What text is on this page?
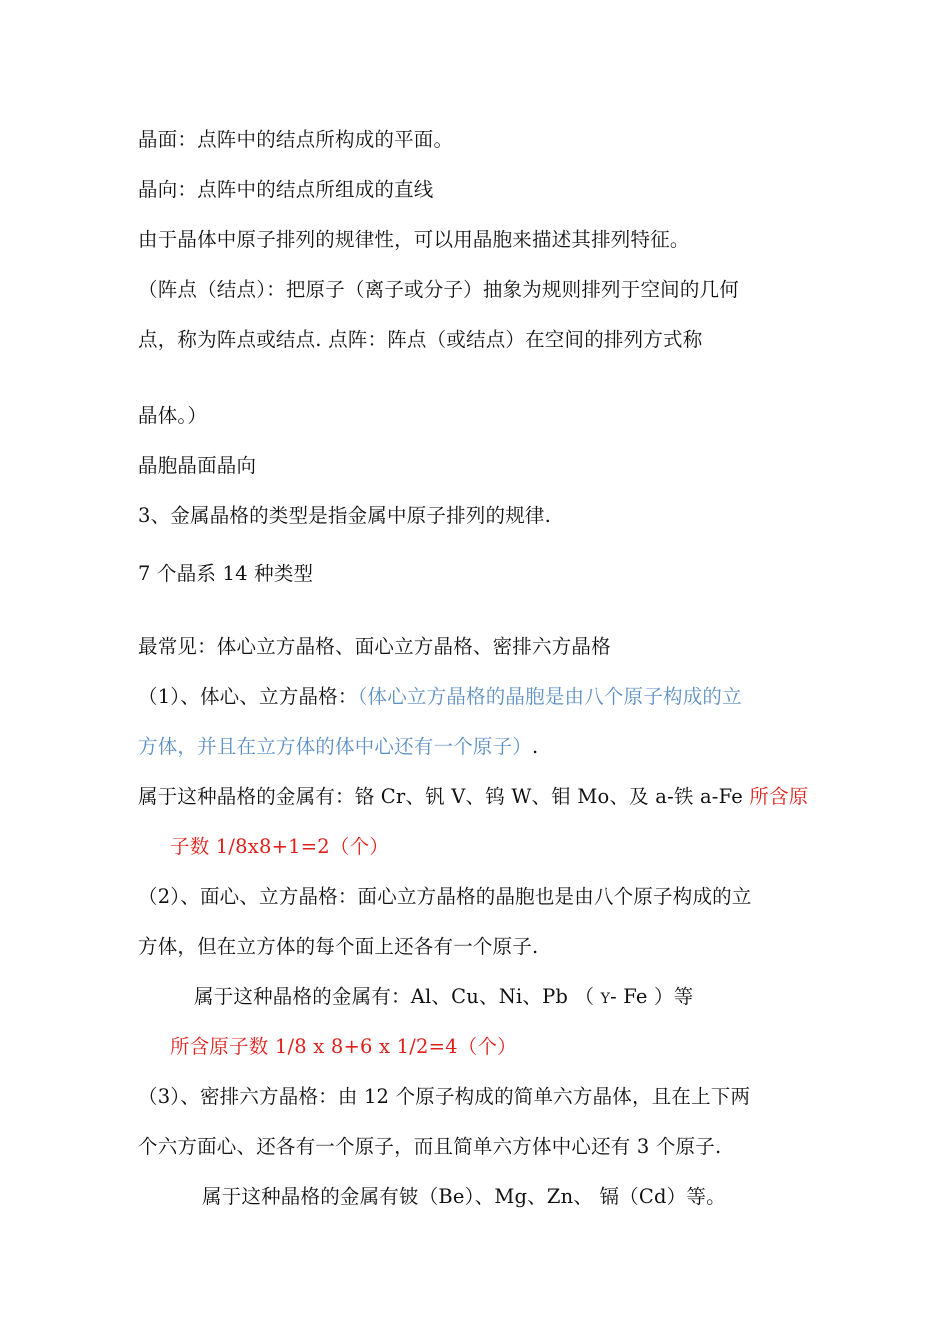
晶面：点阵中的结点所构成的平面。
晶向：点阵中的结点所组成的直线
由于晶体中原子排列的规律性，可以用晶胞来描述其排列特征。
（阵点（结点）：把原子（离子或分子）抽象为规则排列于空间的几何
点，称为阵点或结点. 点阵：阵点（或结点）在空间的排列方式称
晶体。）
晶胞晶面晶向
3、金属晶格的类型是指金属中原子排列的规律.
7 个晶系 14 种类型
最常见：体心立方晶格、面心立方晶格、密排六方晶格
（1）、体心、立方晶格：（体心立方晶格的晶胞是由八个原子构成的立
方体，并且在立方体的体中心还有一个原子）.
属于这种晶格的金属有：铬 Cr、钒 V、钨 W、钼 Mo、及 a-铁 a-Fe 所含原
子数 1/8x8+1=2（个）
（2）、面心、立方晶格：面心立方晶格的晶胞也是由八个原子构成的立
方体，但在立方体的每个面上还各有一个原子.
属于这种晶格的金属有：Al、Cu、Ni、Pb （ Y- Fe ）等
所含原子数 1/8 x 8+6 x 1/2=4（个）
（3）、密排六方晶格：由 12 个原子构成的简单六方晶体，且在上下两
个六方面心、还各有一个原子，而且简单六方体中心还有 3 个原子.
属于这种晶格的金属有铍（Be）、Mg、Zn、 镉（Cd）等。
